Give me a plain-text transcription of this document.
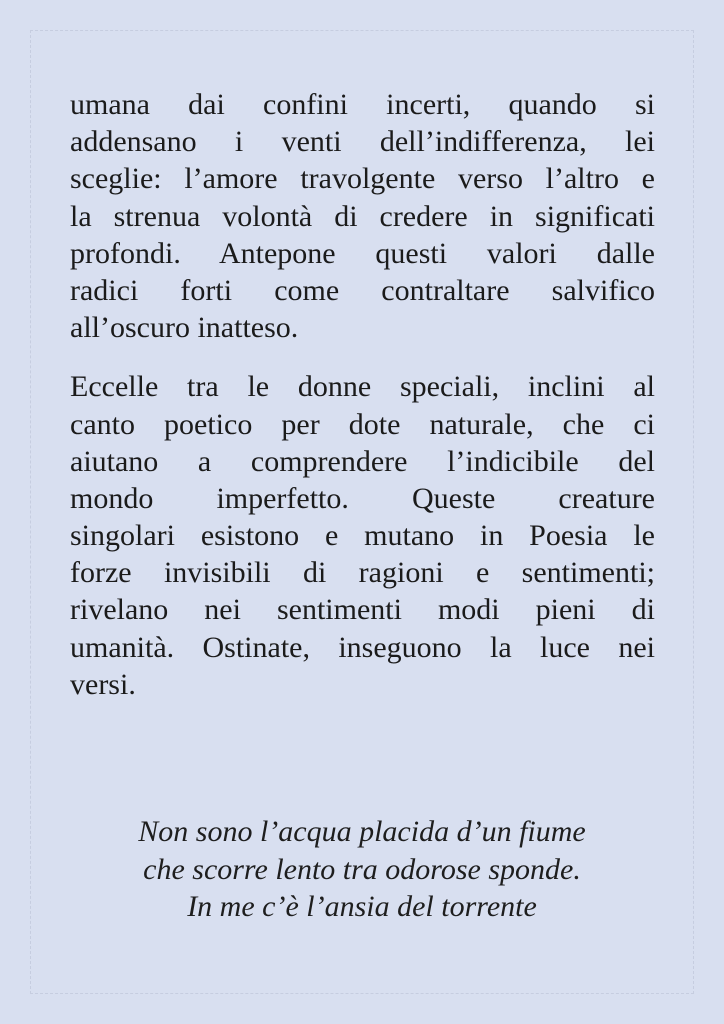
umana dai confini incerti, quando si
addensano i venti dell’indifferenza, lei
sceglie: l’amore travolgente verso l’altro e
la strenua volontà di credere in significati
profondi. Antepone questi valori dalle
radici forti come contraltare salvifico
all’oscuro inatteso.
Eccelle tra le donne speciali, inclini al
canto poetico per dote naturale, che ci
aiutano a comprendere l’indicibile del
mondo imperfetto. Queste creature
singolari esistono e mutano in Poesia le
forze invisibili di ragioni e sentimenti;
rivelano nei sentimenti modi pieni di
umanità. Ostinate, inseguono la luce nei
versi.
Non sono l’acqua placida d’un fiume
che scorre lento tra odorose sponde.
In me c’è l’ansia del torrente
